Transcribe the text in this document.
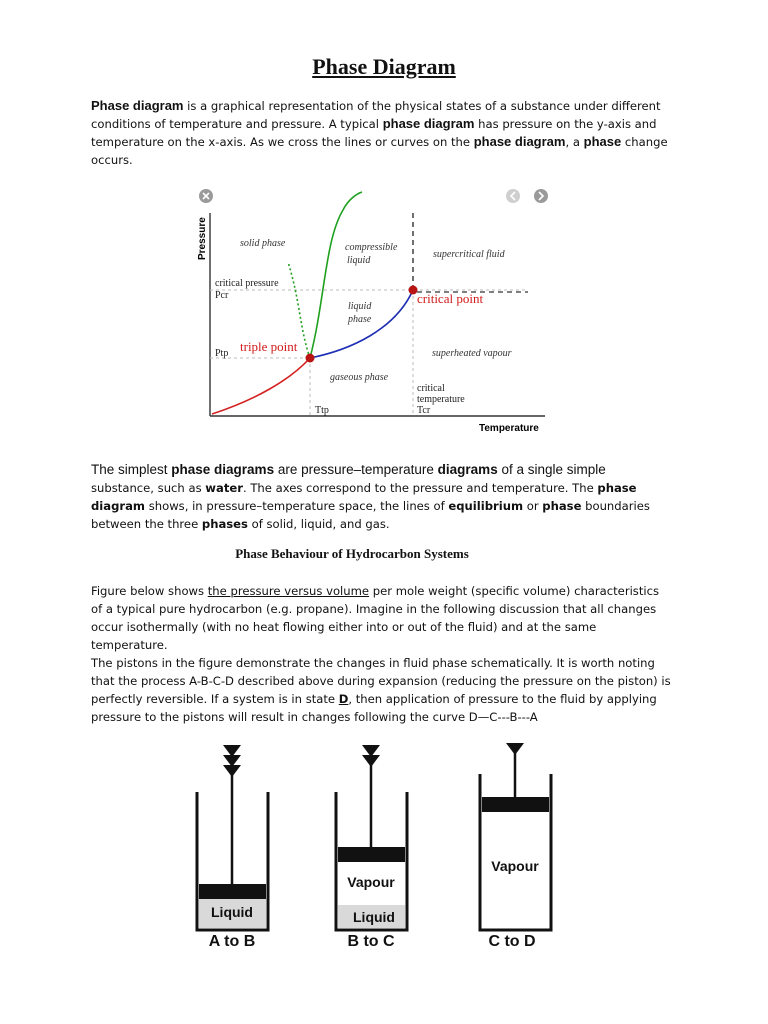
Phase Diagram
Phase diagram is a graphical representation of the physical states of a substance under different conditions of temperature and pressure. A typical phase diagram has pressure on the y-axis and temperature on the x-axis. As we cross the lines or curves on the phase diagram, a phase change occurs.
Pressure
Temperature
solid phase	compressible
liquid
supercritical fluid
critical pressure
Pcr
liquid
phase
critical point
Ptp triple point	superheated vapour
gaseous phase
critical
temperature
Tcr
Ttp
Liquid
A to B
Vapour
Liquid
B to C
Vapour
C to D
The simplest phase diagrams are pressure–temperature diagrams of a single simple
substance, such as water. The axes correspond to the pressure and temperature. The phase diagram shows, in pressure–temperature space, the lines of equilibrium or phase boundaries between the three phases of solid, liquid, and gas.
Phase Behaviour of Hydrocarbon Systems
Figure below shows the pressure versus volume per mole weight (specific volume) characteristics of a typical pure hydrocarbon (e.g. propane). Imagine in the following discussion that all changes occur isothermally (with no heat flowing either into or out of the fluid) and at the same temperature.
The pistons in the figure demonstrate the changes in fluid phase schematically. It is worth noting that the process A-B-C-D described above during expansion (reducing the pressure on the piston) is perfectly reversible. If a system is in state D, then application of pressure to the fluid by applying pressure to the pistons will result in changes following the curve D—C---B---A
